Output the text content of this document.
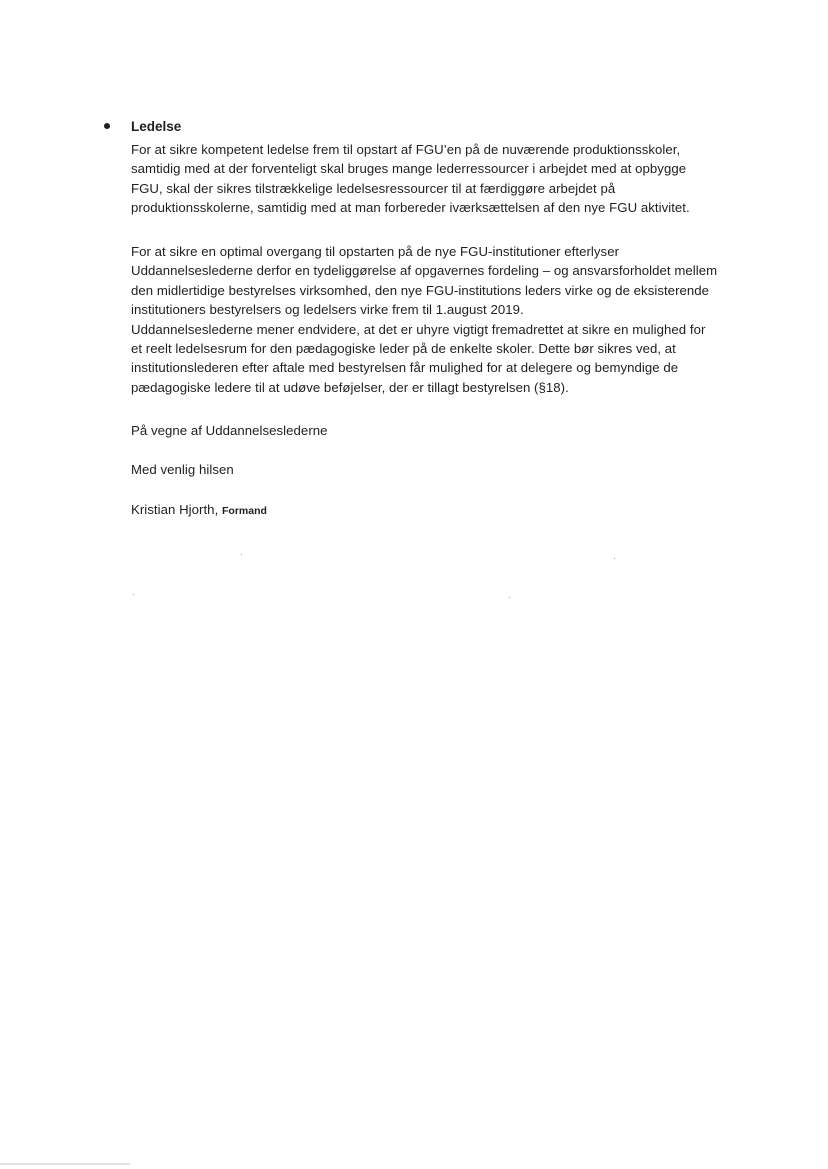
Ledelse
For at sikre kompetent ledelse frem til opstart af FGU’en på de nuværende produktionsskoler,
samtidig med at der forventeligt skal bruges mange lederressourcer i arbejdet med at opbygge
FGU, skal der sikres tilstrækkelige ledelsesressourcer til at færdiggøre arbejdet på
produktionsskolerne, samtidig med at man forbereder iværksættelsen af den nye FGU aktivitet.
For at sikre en optimal overgang til opstarten på de nye FGU-institutioner efterlyser
Uddannelseslederne derfor en tydeliggørelse af opgavernes fordeling – og ansvarsforholdet mellem
den midlertidige bestyrelses virksomhed, den nye FGU-institutions leders virke og de eksisterende
institutioners bestyrelsers og ledelsers virke frem til 1.august 2019.
Uddannelseslederne mener endvidere, at det er uhyre vigtigt fremadrettet at sikre en mulighed for
et reelt ledelsesrum for den pædagogiske leder på de enkelte skoler. Dette bør sikres ved, at
institutionslederen efter aftale med bestyrelsen får mulighed for at delegere og bemyndige de
pædagogiske ledere til at udøve beføjelser, der er tillagt bestyrelsen (§18).
På vegne af Uddannelseslederne
Med venlig hilsen
Kristian Hjorth, Formand
